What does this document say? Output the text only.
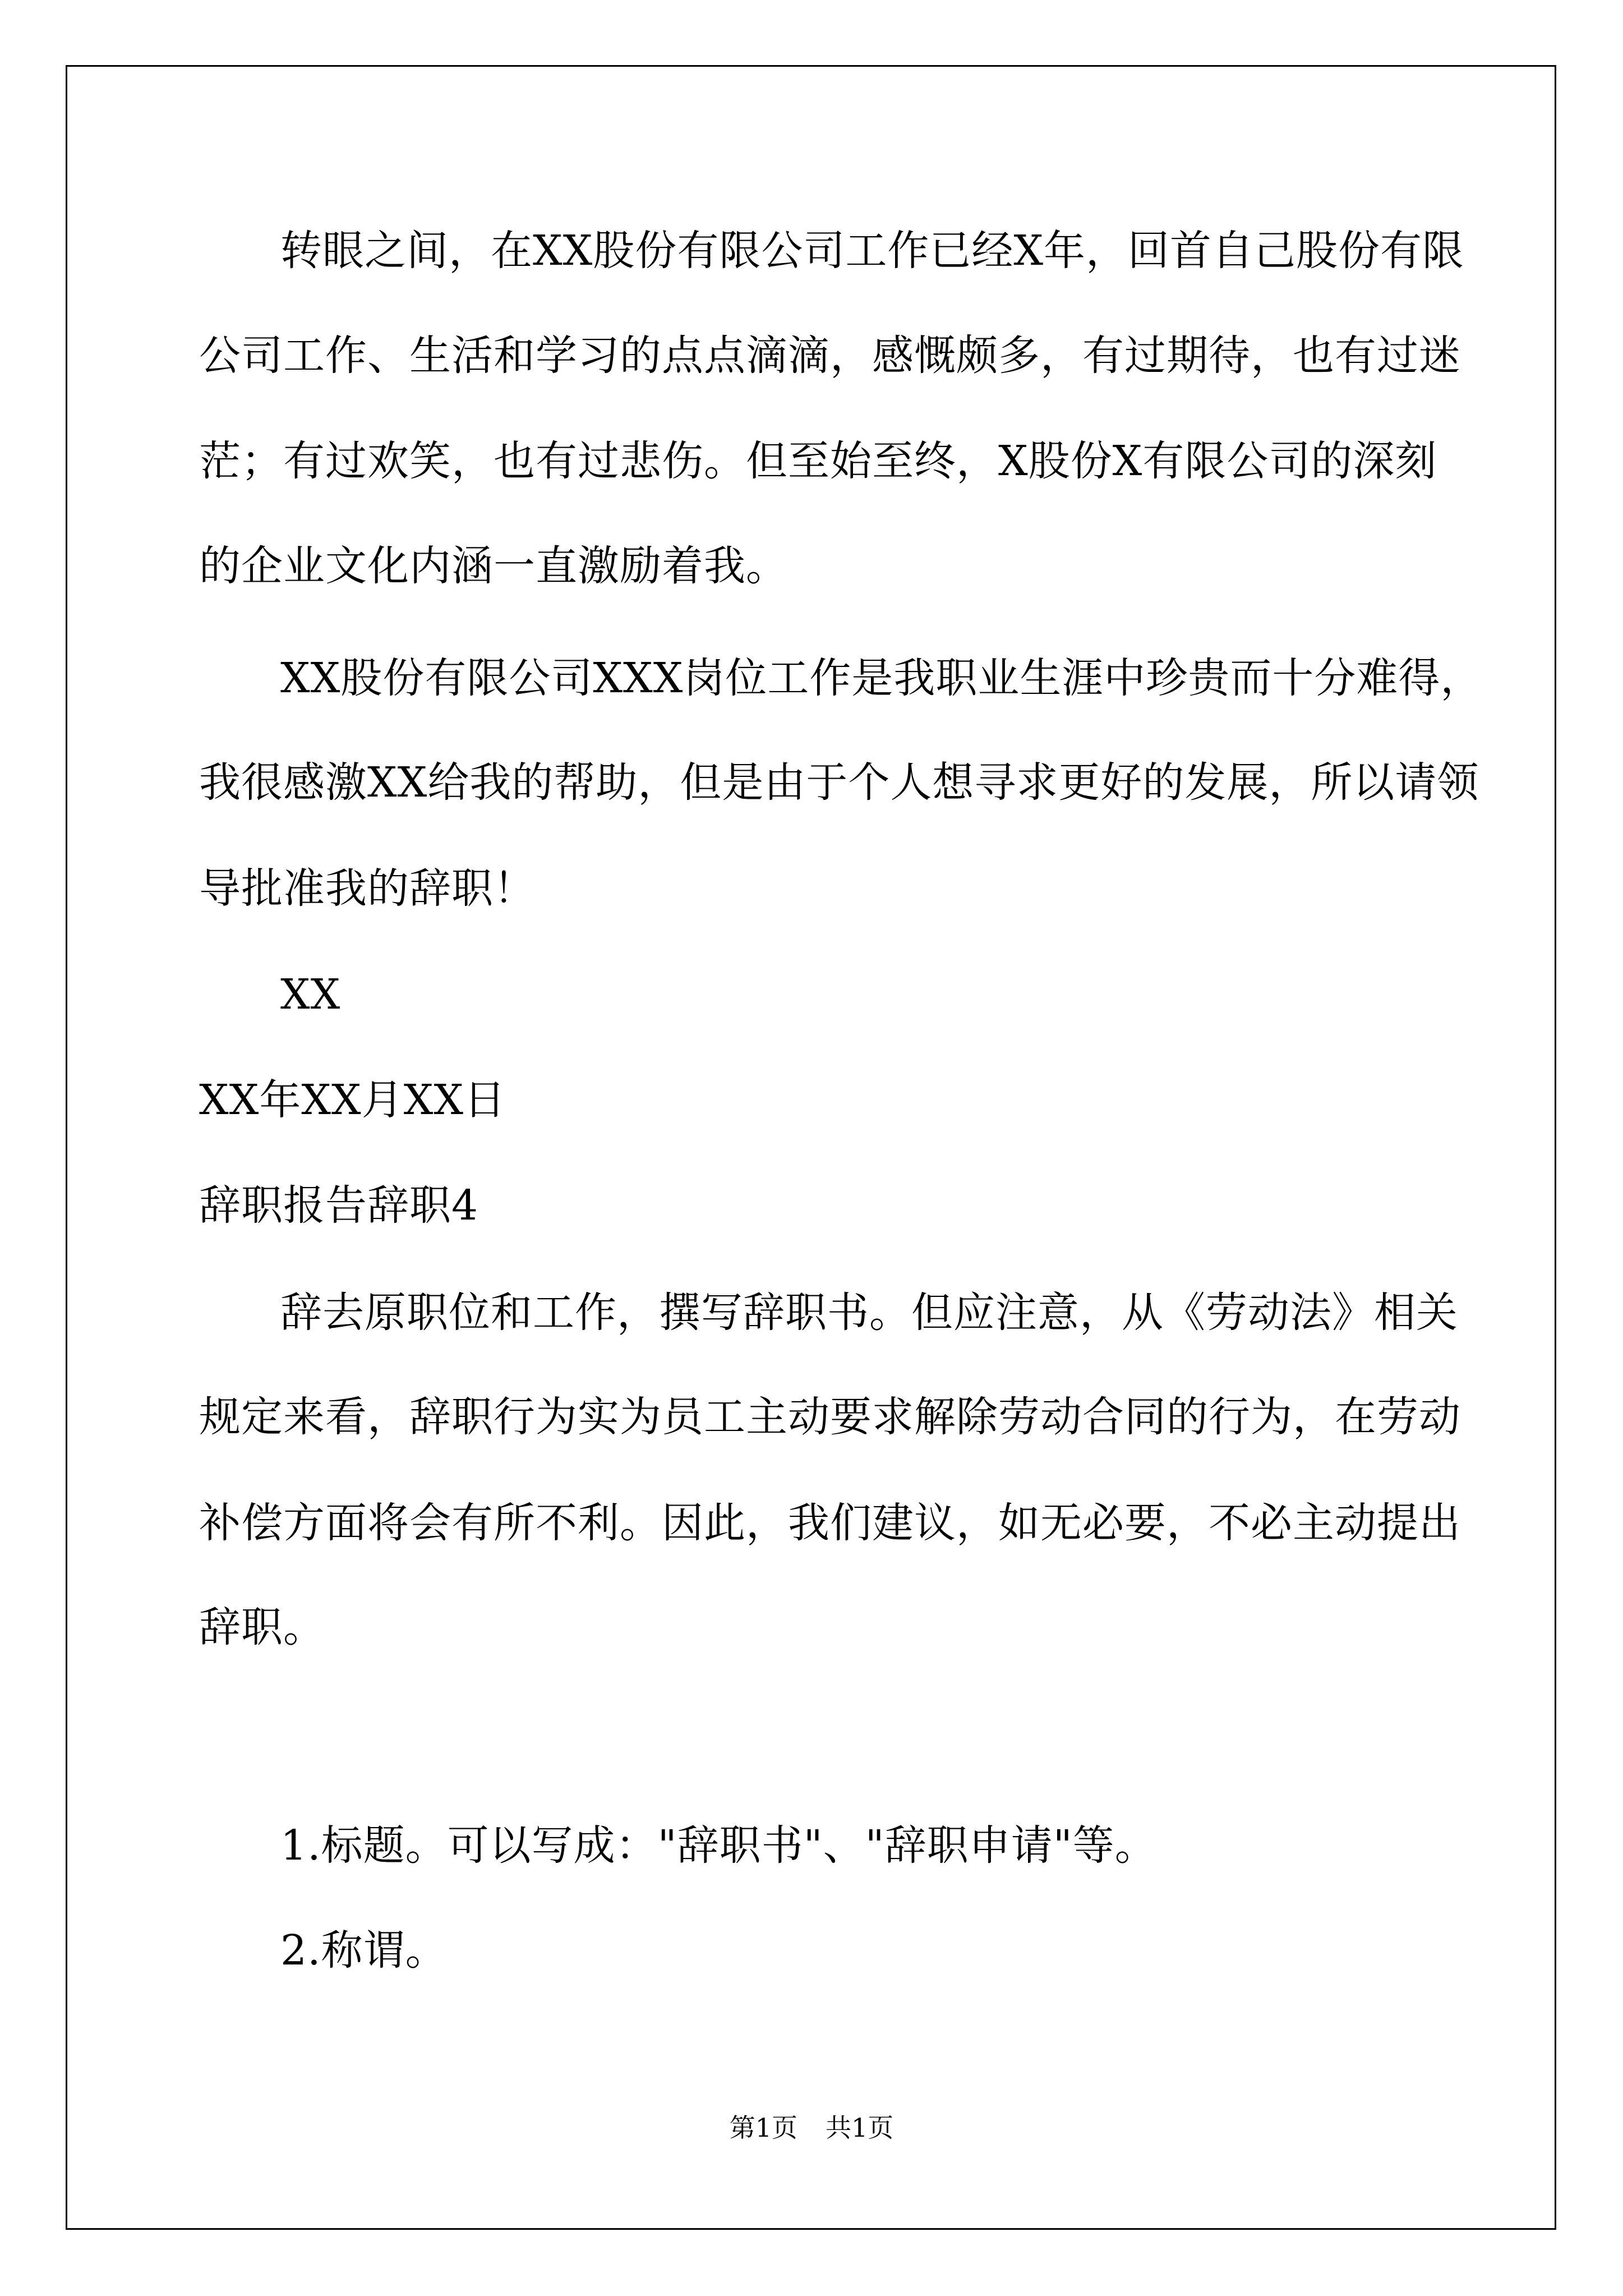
转眼之间，在XX股份有限公司工作已经X年，回首自己股份有限
公司工作、生活和学习的点点滴滴，感慨颇多，有过期待，也有过迷
茫；有过欢笑，也有过悲伤。但至始至终，X股份X有限公司的深刻
的企业文化内涵一直激励着我。
XX股份有限公司XXX岗位工作是我职业生涯中珍贵而十分难得，
我很感激XX给我的帮助，但是由于个人想寻求更好的发展，所以请领
导批准我的辞职！
XX
XX年XX月XX日
辞职报告辞职4
辞去原职位和工作，撰写辞职书。但应注意，从《劳动法》相关
规定来看，辞职行为实为员工主动要求解除劳动合同的行为，在劳动
补偿方面将会有所不利。因此，我们建议，如无必要，不必主动提出
辞职。
1.标题。可以写成："辞职书"、"辞职申请"等。
2.称谓。
第1页 共1页
